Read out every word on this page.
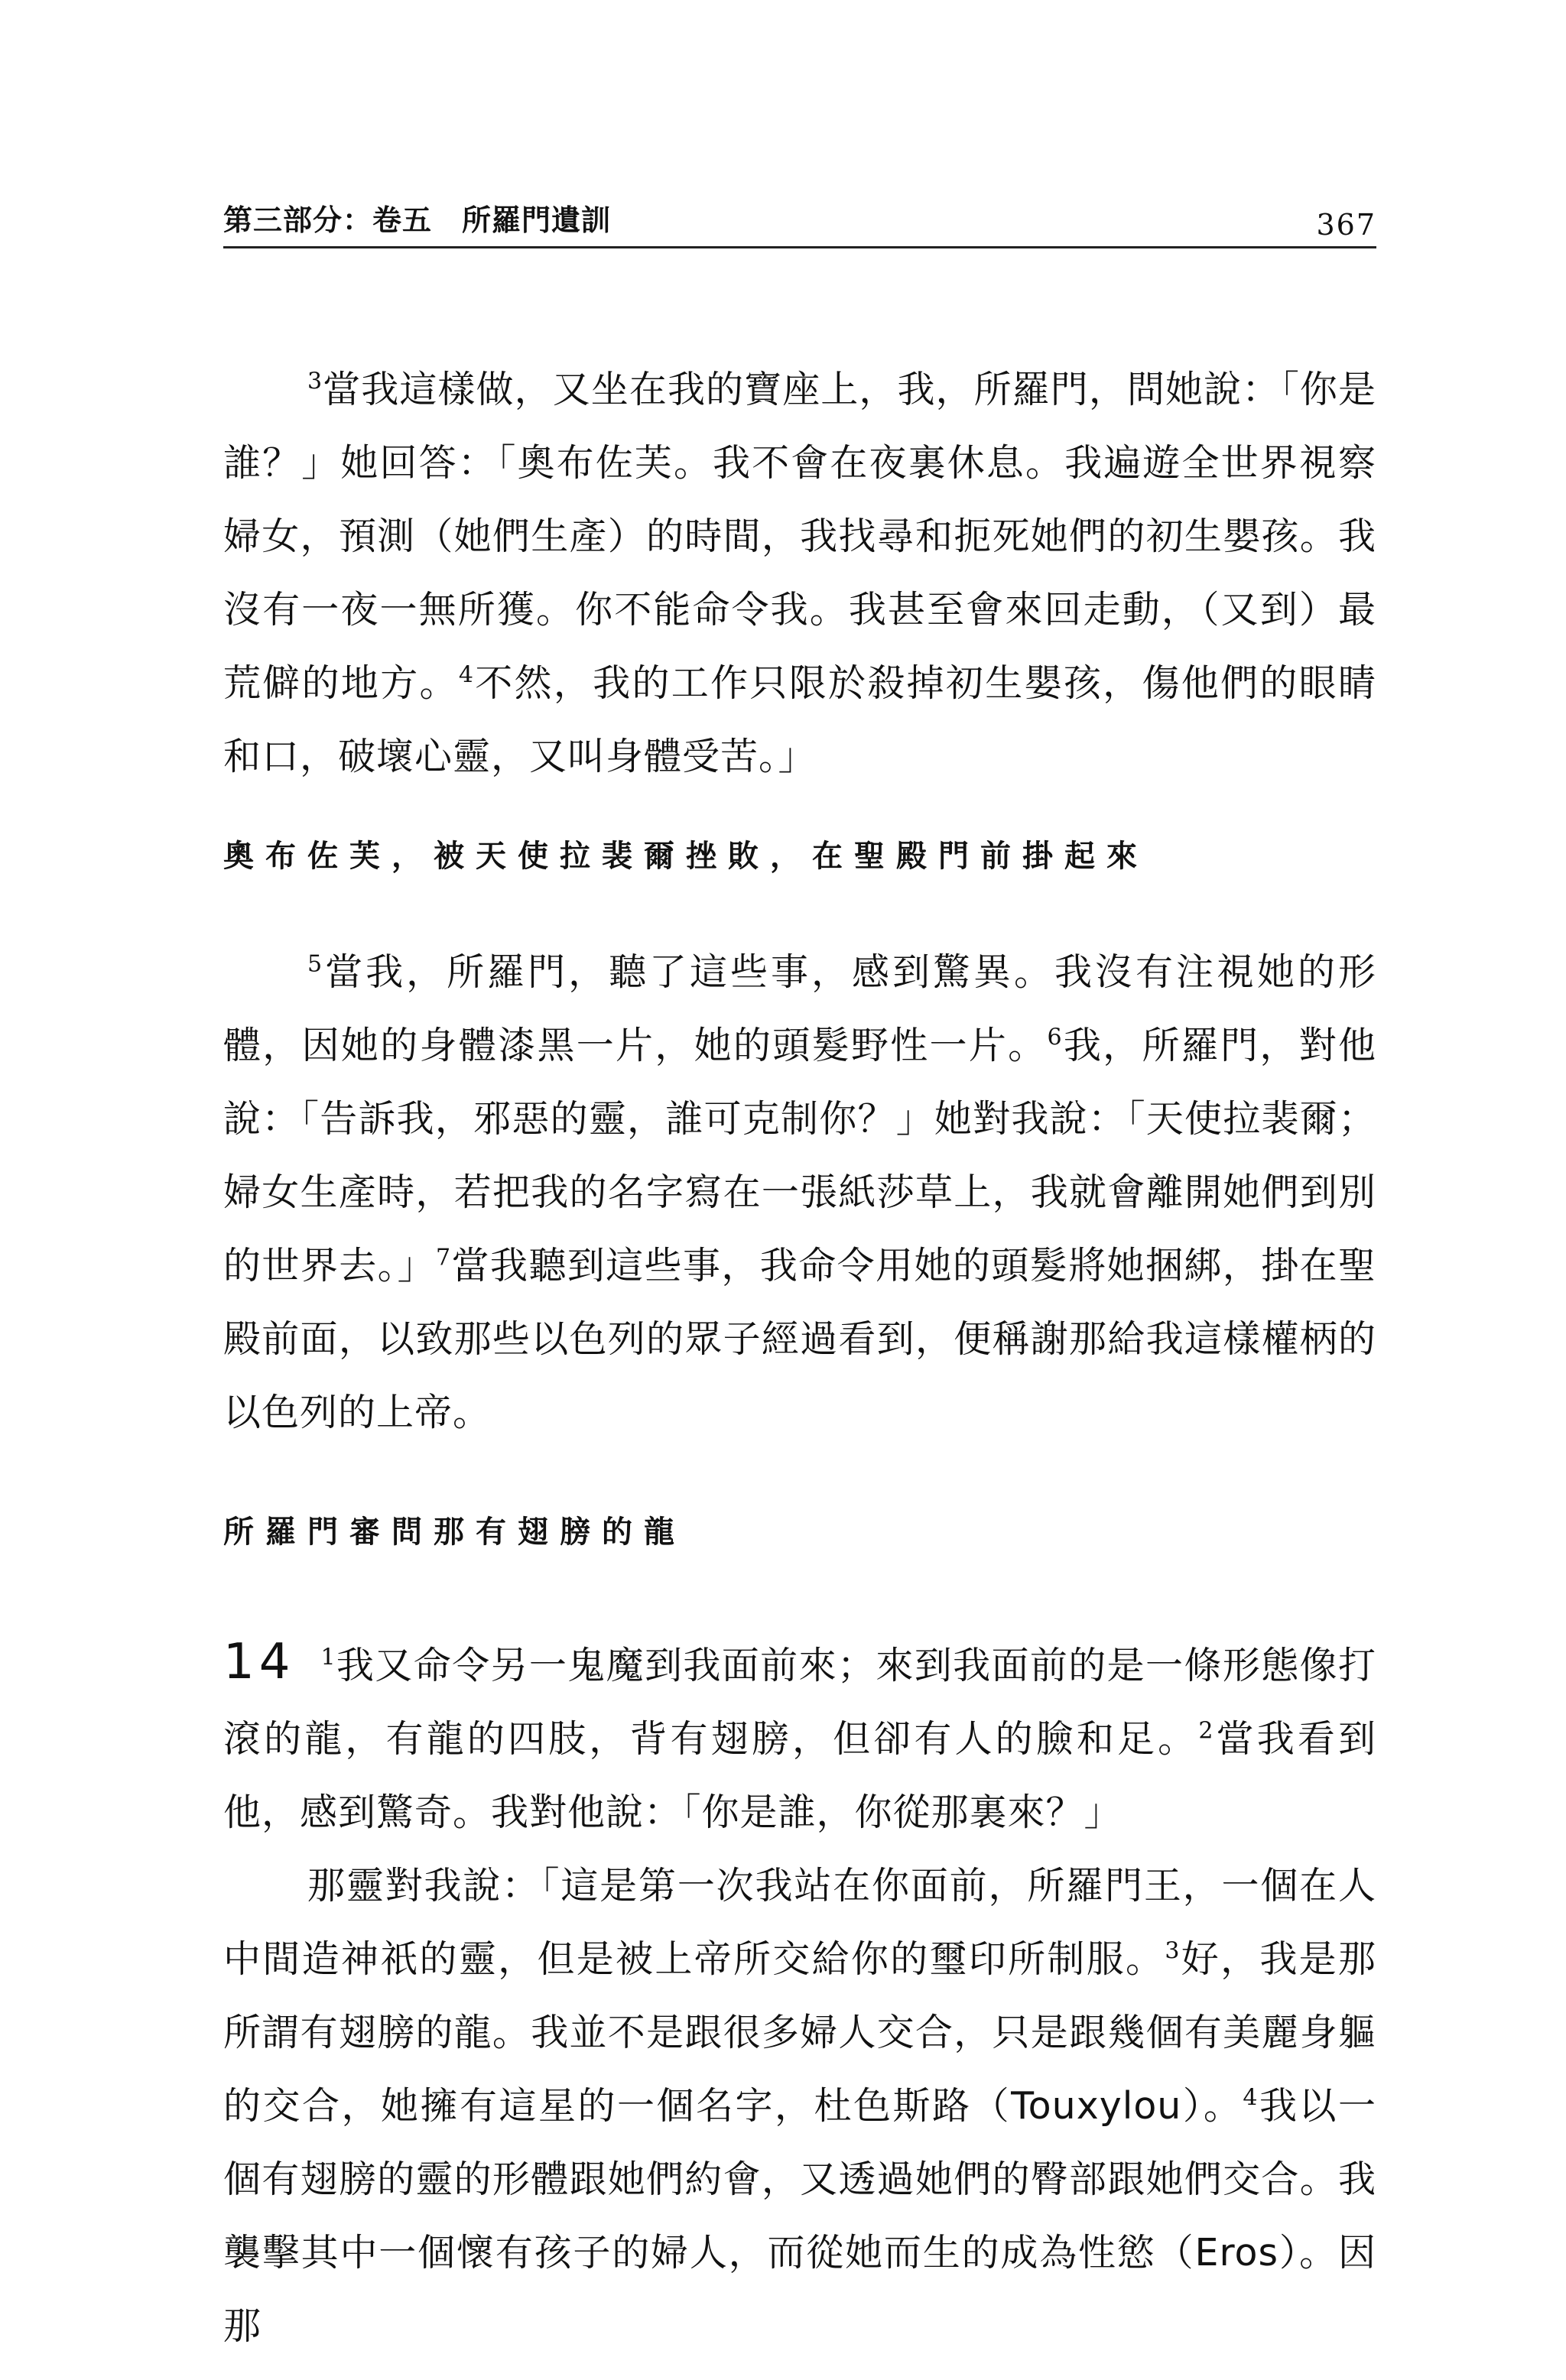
第三部分：卷五　所羅門遺訓	367

$^3$當我這樣做，又坐在我的寶座上，我，所羅門，問她說：「你是誰？」她回答：「奧布佐芙。我不會在夜裏休息。我遍遊全世界視察婦女，預測（她們生產）的時間，我找尋和扼死她們的初生嬰孩。我沒有一夜一無所獲。你不能命令我。我甚至會來回走動，（又到）最荒僻的地方。$^4$不然，我的工作只限於殺掉初生嬰孩，傷他們的眼睛和口，破壞心靈，又叫身體受苦。」

奧布佐芙，被天使拉裴爾挫敗，在聖殿門前掛起來

$^5$當我，所羅門，聽了這些事，感到驚異。我沒有注視她的形體，因她的身體漆黑一片，她的頭髮野性一片。$^6$我，所羅門，對他說：「告訴我，邪惡的靈，誰可克制你？」她對我說：「天使拉裴爾；婦女生產時，若把我的名字寫在一張紙莎草上，我就會離開她們到別的世界去。」$^7$當我聽到這些事，我命令用她的頭髮將她捆綁，掛在聖殿前面，以致那些以色列的眾子經過看到，便稱謝那給我這樣權柄的以色列的上帝。

所羅門審問那有翅膀的龍

14 $^1$我又命令另一鬼魔到我面前來；來到我面前的是一條形態像打滾的龍，有龍的四肢，背有翅膀，但卻有人的臉和足。$^2$當我看到他，感到驚奇。我對他說：「你是誰，你從那裏來？」

那靈對我說：「這是第一次我站在你面前，所羅門王，一個在人中間造神祇的靈，但是被上帝所交給你的璽印所制服。$^3$好，我是那所謂有翅膀的龍。我並不是跟很多婦人交合，只是跟幾個有美麗身軀的交合，她擁有這星的一個名字，杜色斯路（Touxylou）。$^4$我以一個有翅膀的靈的形體跟她們約會，又透過她們的臀部跟她們交合。我襲擊其中一個懷有孩子的婦人，而從她而生的成為性慾（Eros）。因那
